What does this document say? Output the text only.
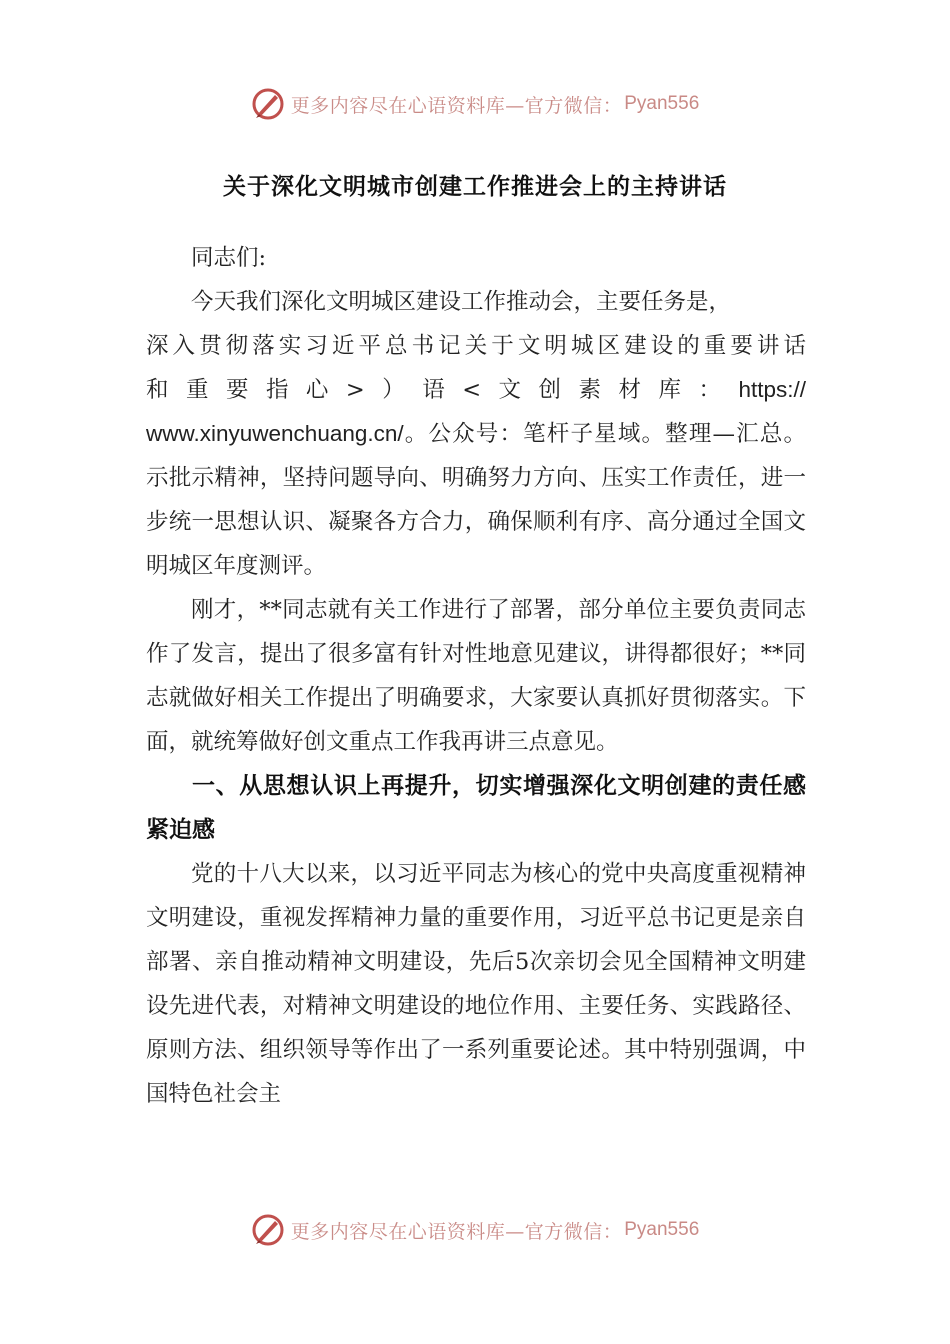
更多内容尽在心语资料库—官方微信： Pyan556
关于深化文明城市创建工作推进会上的主持讲话

同志们:

今天我们深化文明城区建设工作推动会，主要任务是，

深入贯彻落实习近平总书记关于文明城区建设的重要讲话

和重要指心>）语<文创素材库：https://

www.xinyuwenchuang.cn/。公众号：笔杆子星域。整理—汇总。示批示精神，坚持问题导向、明确努力方向、压实工作责任，进一步统一思想认识、凝聚各方合力，确保顺利有序、高分通过全国文明城区年度测评。

刚才，**同志就有关工作进行了部署，部分单位主要负责同志作了发言，提出了很多富有针对性地意见建议，讲得都很好；**同志就做好相关工作提出了明确要求，大家要认真抓好贯彻落实。下面，就统筹做好创文重点工作我再讲三点意见。

一、从思想认识上再提升，切实增强深化文明创建的责任感紧迫感

党的十八大以来，以习近平同志为核心的党中央高度重视精神文明建设，重视发挥精神力量的重要作用，习近平总书记更是亲自部署、亲自推动精神文明建设，先后5次亲切会见全国精神文明建设先进代表，对精神文明建设的地位作用、主要任务、实践路径、原则方法、组织领导等作出了一系列重要论述。其中特别强调，中国特色社会主

更多内容尽在心语资料库—官方微信： Pyan556
